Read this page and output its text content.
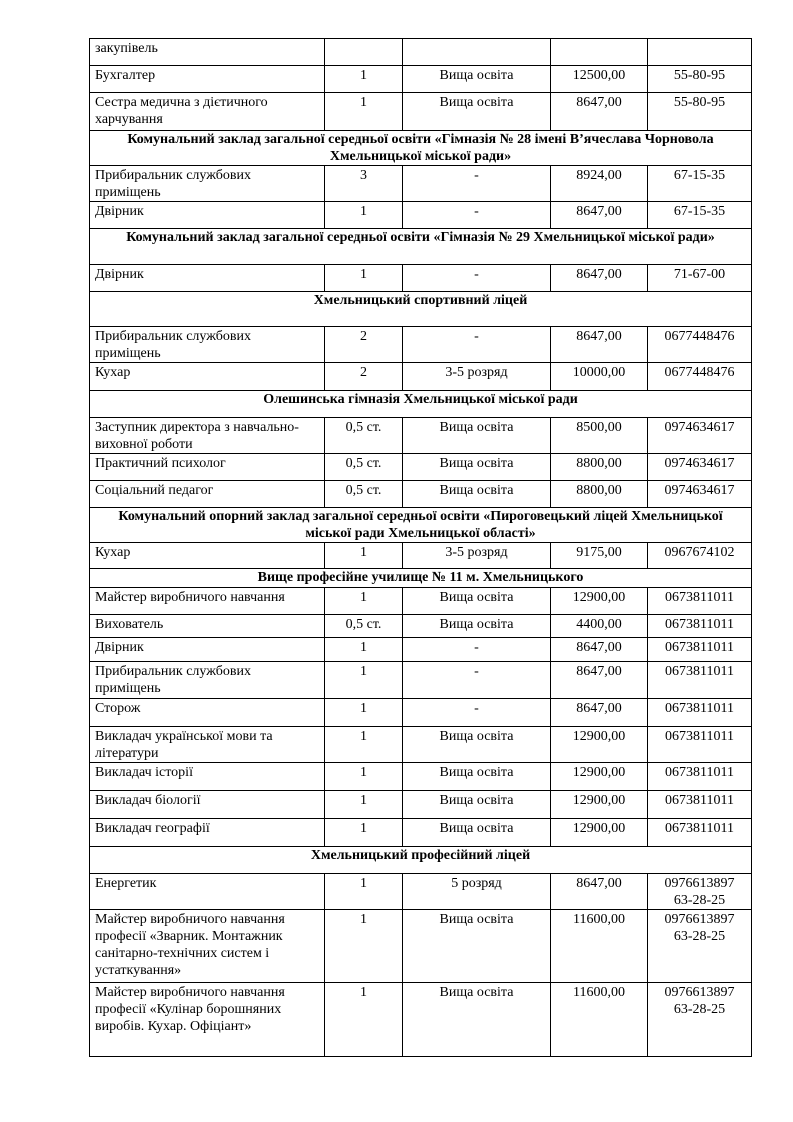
закупівель				
Бухгалтер	1	Вища освіта	12500,00	55-80-95

Сестра медична з дієтичного харчування	1	Вища освіта	8647,00	55-80-95

Комунальний заклад загальної середньої освіти «Гімназія № 28 імені В’ячеслава Чорновола Хмельницької міської ради»				
Прибиральник службових приміщень	3	-	8924,00	67-15-35

Двірник	1	-	8647,00	67-15-35

Комунальний заклад загальної середньої освіти «Гімназія № 29 Хмельницької міської ради»				
Двірник	1	-	8647,00	71-67-00

Хмельницький спортивний ліцей				
Прибиральник службових приміщень	2	-	8647,00	0677448476

Кухар	2	3-5 розряд	10000,00	0677448476

Олешинська гімназія Хмельницької міської ради				
Заступник директора з навчально-виховної роботи	0,5 ст.	Вища освіта	8500,00	0974634617

Практичний психолог	0,5 ст.	Вища освіта	8800,00	0974634617

Соціальний педагог	0,5 ст.	Вища освіта	8800,00	0974634617

Комунальний опорний заклад загальної середньої освіти «Пироговецький ліцей Хмельницької міської ради Хмельницької області»				
Кухар	1	3-5 розряд	9175,00	0967674102

Вище професійне училище № 11 м. Хмельницького				
Майстер виробничого навчання	1	Вища освіта	12900,00	0673811011

Вихователь	0,5 ст.	Вища освіта	4400,00	0673811011

Двірник	1	-	8647,00	0673811011

Прибиральник службових приміщень	1	-	8647,00	0673811011

Сторож	1	-	8647,00	0673811011

Викладач української мови та літератури	1	Вища освіта	12900,00	0673811011

Викладач історії	1	Вища освіта	12900,00	0673811011

Викладач біології	1	Вища освіта	12900,00	0673811011

Викладач географії	1	Вища освіта	12900,00	0673811011

Хмельницький професійний ліцей				
Енергетик	1	5 розряд	8647,00	0976613897
63-28-25

Майстер виробничого навчання професії «Зварник. Монтажник санітарно-технічних систем і устаткування»	1	Вища освіта	11600,00	0976613897
63-28-25

Майстер виробничого навчання професії «Кулінар борошняних виробів. Кухар. Офіціант»	1	Вища освіта	11600,00	0976613897
63-28-25
